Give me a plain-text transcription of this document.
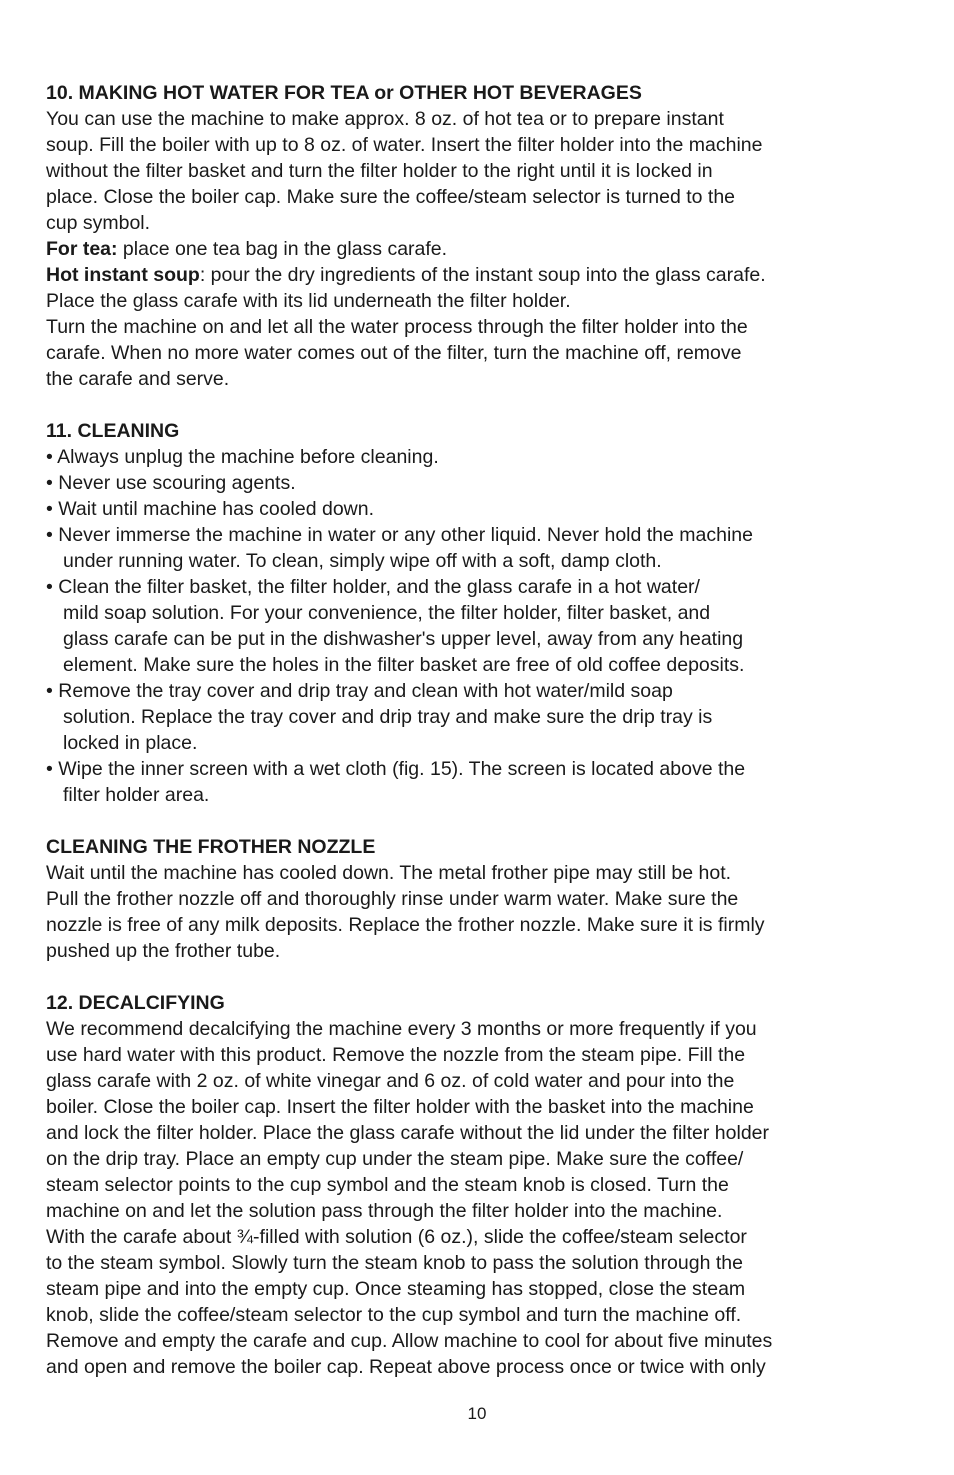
10. MAKING HOT WATER FOR TEA or OTHER HOT BEVERAGES
You can use the machine to make approx. 8 oz. of hot tea or to prepare instant
soup. Fill the boiler with up to 8 oz. of water. Insert the filter holder into the machine
without the filter basket and turn the filter holder to the right until it is locked in
place. Close the boiler cap. Make sure the coffee/steam selector is turned to the
cup symbol.
For tea: place one tea bag in the glass carafe.
Hot instant soup: pour the dry ingredients of the instant soup into the glass carafe.
Place the glass carafe with its lid underneath the filter holder.
Turn the machine on and let all the water process through the filter holder into the
carafe. When no more water comes out of the filter, turn the machine off, remove
the carafe and serve.
11. CLEANING
• Always unplug the machine before cleaning.
• Never use scouring agents.
• Wait until machine has cooled down.
• Never immerse the machine in water or any other liquid. Never hold the machine
under running water. To clean, simply wipe off with a soft, damp cloth.
• Clean the filter basket, the filter holder, and the glass carafe in a hot water/
mild soap solution. For your convenience, the filter holder, filter basket, and
glass carafe can be put in the dishwasher's upper level, away from any heating
element. Make sure the holes in the filter basket are free of old coffee deposits.
• Remove the tray cover and drip tray and clean with hot water/mild soap
solution. Replace the tray cover and drip tray and make sure the drip tray is
locked in place.
• Wipe the inner screen with a wet cloth (fig. 15). The screen is located above the
filter holder area.
CLEANING THE FROTHER NOZZLE
Wait until the machine has cooled down. The metal frother pipe may still be hot.
Pull the frother nozzle off and thoroughly rinse under warm water. Make sure the
nozzle is free of any milk deposits. Replace the frother nozzle. Make sure it is firmly
pushed up the frother tube.
12. DECALCIFYING
We recommend decalcifying the machine every 3 months or more frequently if you
use hard water with this product. Remove the nozzle from the steam pipe. Fill the
glass carafe with 2 oz. of white vinegar and 6 oz. of cold water and pour into the
boiler. Close the boiler cap. Insert the filter holder with the basket into the machine
and lock the filter holder. Place the glass carafe without the lid under the filter holder
on the drip tray. Place an empty cup under the steam pipe. Make sure the coffee/
steam selector points to the cup symbol and the steam knob is closed. Turn the
machine on and let the solution pass through the filter holder into the machine.
With the carafe about ¾-filled with solution (6 oz.), slide the coffee/steam selector
to the steam symbol. Slowly turn the steam knob to pass the solution through the
steam pipe and into the empty cup. Once steaming has stopped, close the steam
knob, slide the coffee/steam selector to the cup symbol and turn the machine off.
Remove and empty the carafe and cup. Allow machine to cool for about five minutes
and open and remove the boiler cap. Repeat above process once or twice with only
10
